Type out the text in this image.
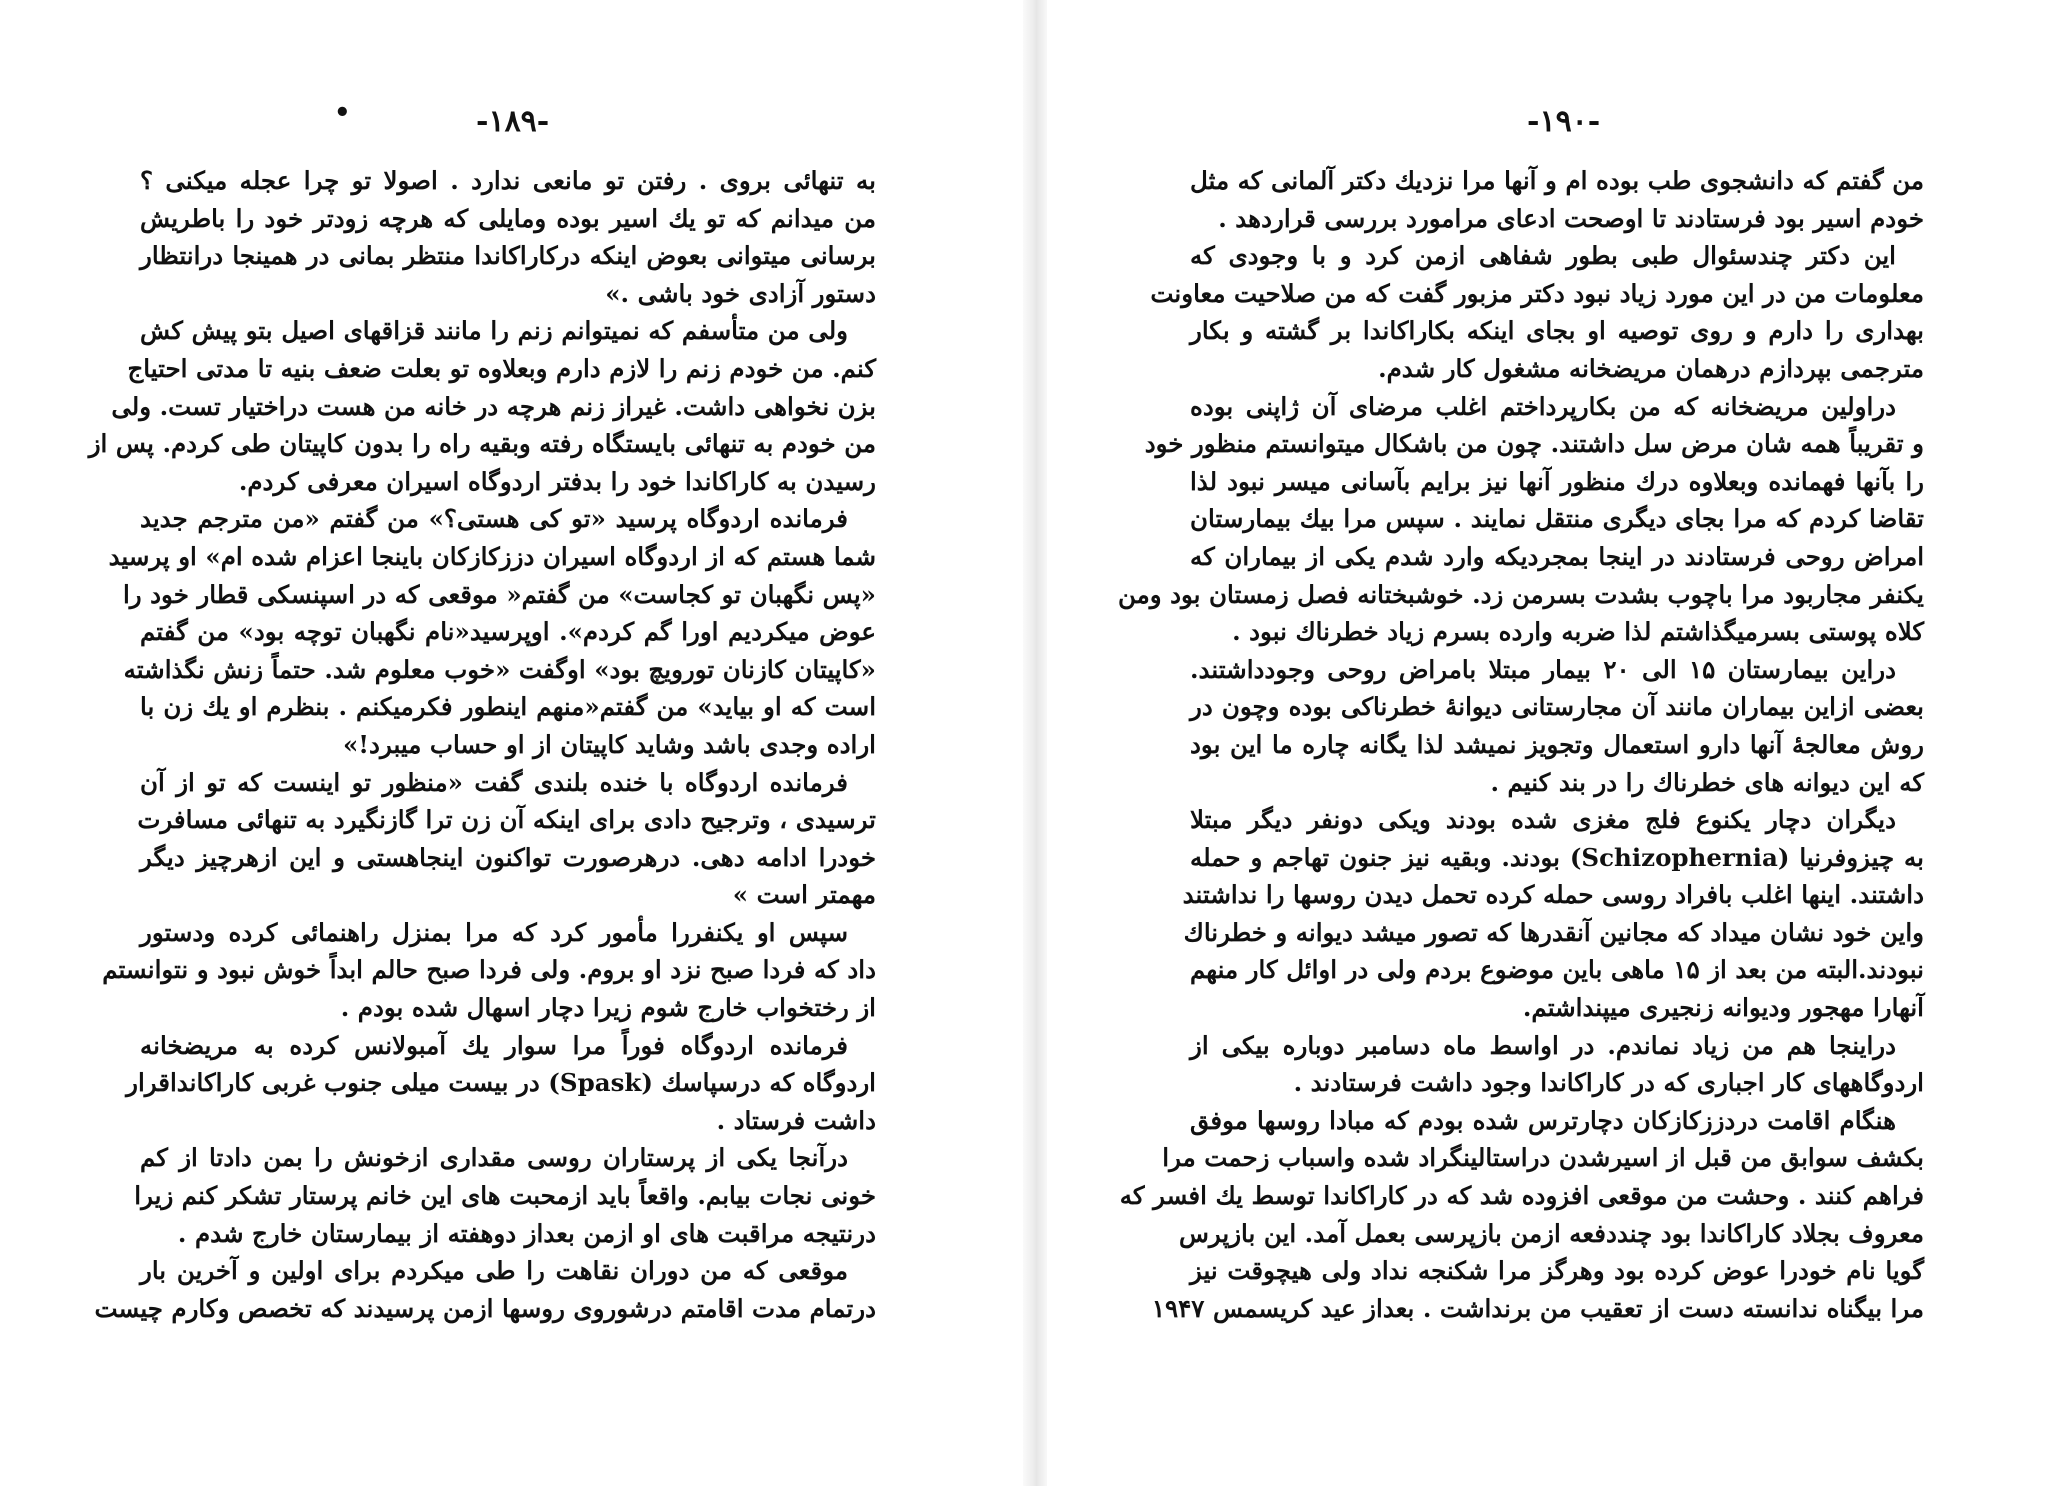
•	-۱۸۹-
به تنهائی بروی . رفتن تو مانعی ندارد . اصولا تو چرا عجله میکنی ؟
من میدانم که تو یك اسیر بوده ومایلی که هرچه زودتر خود را باطریش
برسانی میتوانی بعوض اینکه درکاراکاندا منتظر بمانی در همینجا درانتظار
دستور آزادی خود باشی .»
ولی من متأسفم که نمیتوانم زنم را مانند قزاقهای اصیل بتو پیش کش
کنم. من خودم زنم را لازم دارم وبعلاوه تو بعلت ضعف بنیه تا مدتی احتیاج
بزن نخواهی داشت. غیراز زنم هرچه در خانه من هست دراختیار تست. ولی
من خودم به تنهائی بایستگاه رفته وبقیه راه را بدون کاپیتان طی کردم. پس از
رسیدن به کاراکاندا خود را بدفتر اردوگاه اسیران معرفی کردم.
فرمانده اردوگاه پرسید «تو کی هستی؟» من گفتم «من مترجم جدید
شما هستم که از اردوگاه اسیران دززکازکان باینجا اعزام شده ام» او پرسید
«پس نگهبان تو کجاست» من گفتم« موقعی که در اسپنسکی قطار خود را
عوض میکردیم اورا گم کردم». اوپرسید«نام نگهبان توچه بود» من گفتم
«کاپیتان کازنان تورویچ بود» اوگفت «خوب معلوم شد. حتماً زنش نگذاشته
است که او بیاید» من گفتم«منهم اینطور فکرمیکنم . بنظرم او یك زن با
اراده وجدی باشد وشاید کاپیتان از او حساب میبرد!»
فرمانده اردوگاه با خنده بلندی گفت «منظور تو اینست که تو از آن
ترسیدی ، وترجیح دادی برای اینکه آن زن ترا گازنگیرد به تنهائی مسافرت
خودرا ادامه دهی. درهرصورت تواکنون اینجاهستی و این ازهرچیز دیگر
مهمتر است »
سپس او یکنفررا مأمور کرد که مرا بمنزل راهنمائی کرده ودستور
داد که فردا صبح نزد او بروم. ولی فردا صبح حالم ابداً خوش نبود و نتوانستم
از رختخواب خارج شوم زیرا دچار اسهال شده بودم .
فرمانده اردوگاه فوراً مرا سوار یك آمبولانس کرده به مریضخانه
اردوگاه که درسپاسك (Spask) در بیست میلی جنوب غربی کاراکانداقرار
داشت فرستاد .
درآنجا یکی از پرستاران روسی مقداری ازخونش را بمن دادتا از کم
خونی نجات بیابم. واقعاً باید ازمحبت های این خانم پرستار تشکر کنم زیرا
درنتیجه مراقبت های او ازمن بعداز دوهفته از بیمارستان خارج شدم .
موقعی که من دوران نقاهت را طی میکردم برای اولین و آخرین بار
درتمام مدت اقامتم درشوروی روسها ازمن پرسیدند که تخصص وکارم چیست
-۱۹۰-
من گفتم که دانشجوی طب بوده ام و آنها مرا نزدیك دکتر آلمانی که مثل
خودم اسیر بود فرستادند تا اوصحت ادعای مرامورد بررسی قراردهد .
این دکتر چندسئوال طبی بطور شفاهی ازمن کرد و با وجودی که
معلومات من در این مورد زیاد نبود دکتر مزبور گفت که من صلاحیت معاونت
بهداری را دارم و روی توصیه او بجای اینکه بکاراکاندا بر گشته و بکار
مترجمی بپردازم درهمان مریضخانه مشغول کار شدم.
دراولین مریضخانه که من بکارپرداختم اغلب مرضای آن ژاپنی بوده
و تقریباً همه شان مرض سل داشتند. چون من باشکال میتوانستم منظور خود
را بآنها فهمانده وبعلاوه درك منظور آنها نیز برایم بآسانی میسر نبود لذا
تقاضا کردم که مرا بجای دیگری منتقل نمایند . سپس مرا بیك بیمارستان
امراض روحی فرستادند در اینجا بمجردیکه وارد شدم یکی از بیماران که
یکنفر مجاربود مرا باچوب بشدت بسرمن زد. خوشبختانه فصل زمستان بود ومن
کلاه پوستی بسرمیگذاشتم لذا ضربه وارده بسرم زیاد خطرناك نبود .
دراین بیمارستان ۱۵ الی ۲۰ بیمار مبتلا بامراض روحی وجودداشتند.
بعضی ازاین بیماران مانند آن مجارستانی دیوانهٔ خطرناکی بوده وچون در
روش معالجهٔ آنها دارو استعمال وتجویز نمیشد لذا یگانه چاره ما این بود
که این دیوانه های خطرناك را در بند کنیم .
دیگران دچار یکنوع فلج مغزی شده بودند ویکی دونفر دیگر مبتلا
به چیزوفرنیا (Schizophernia) بودند. وبقیه نیز جنون تهاجم و حمله
داشتند. اینها اغلب بافراد روسی حمله کرده تحمل دیدن روسها را نداشتند
واین خود نشان میداد که مجانین آنقدرها که تصور میشد دیوانه و خطرناك
نبودند.البته من بعد از ۱۵ ماهی باین موضوع بردم ولی در اوائل کار منهم
آنهارا مهجور ودیوانه زنجیری میپنداشتم.
دراینجا هم من زیاد نماندم. در اواسط ماه دسامبر دوباره بیکی از
اردوگاههای کار اجباری که در کاراکاندا وجود داشت فرستادند .
هنگام اقامت دردززکازکان دچارترس شده بودم که مبادا روسها موفق
بکشف سوابق من قبل از اسیرشدن دراستالینگراد شده واسباب زحمت مرا
فراهم کنند . وحشت من موقعی افزوده شد که در کاراکاندا توسط یك افسر که
معروف بجلاد کاراکاندا بود چنددفعه ازمن بازپرسی بعمل آمد. این بازپرس
گویا نام خودرا عوض کرده بود وهرگز مرا شکنجه نداد ولی هیچوقت نیز
مرا بیگناه ندانسته دست از تعقیب من برنداشت . بعداز عید کریسمس ۱۹۴۷
